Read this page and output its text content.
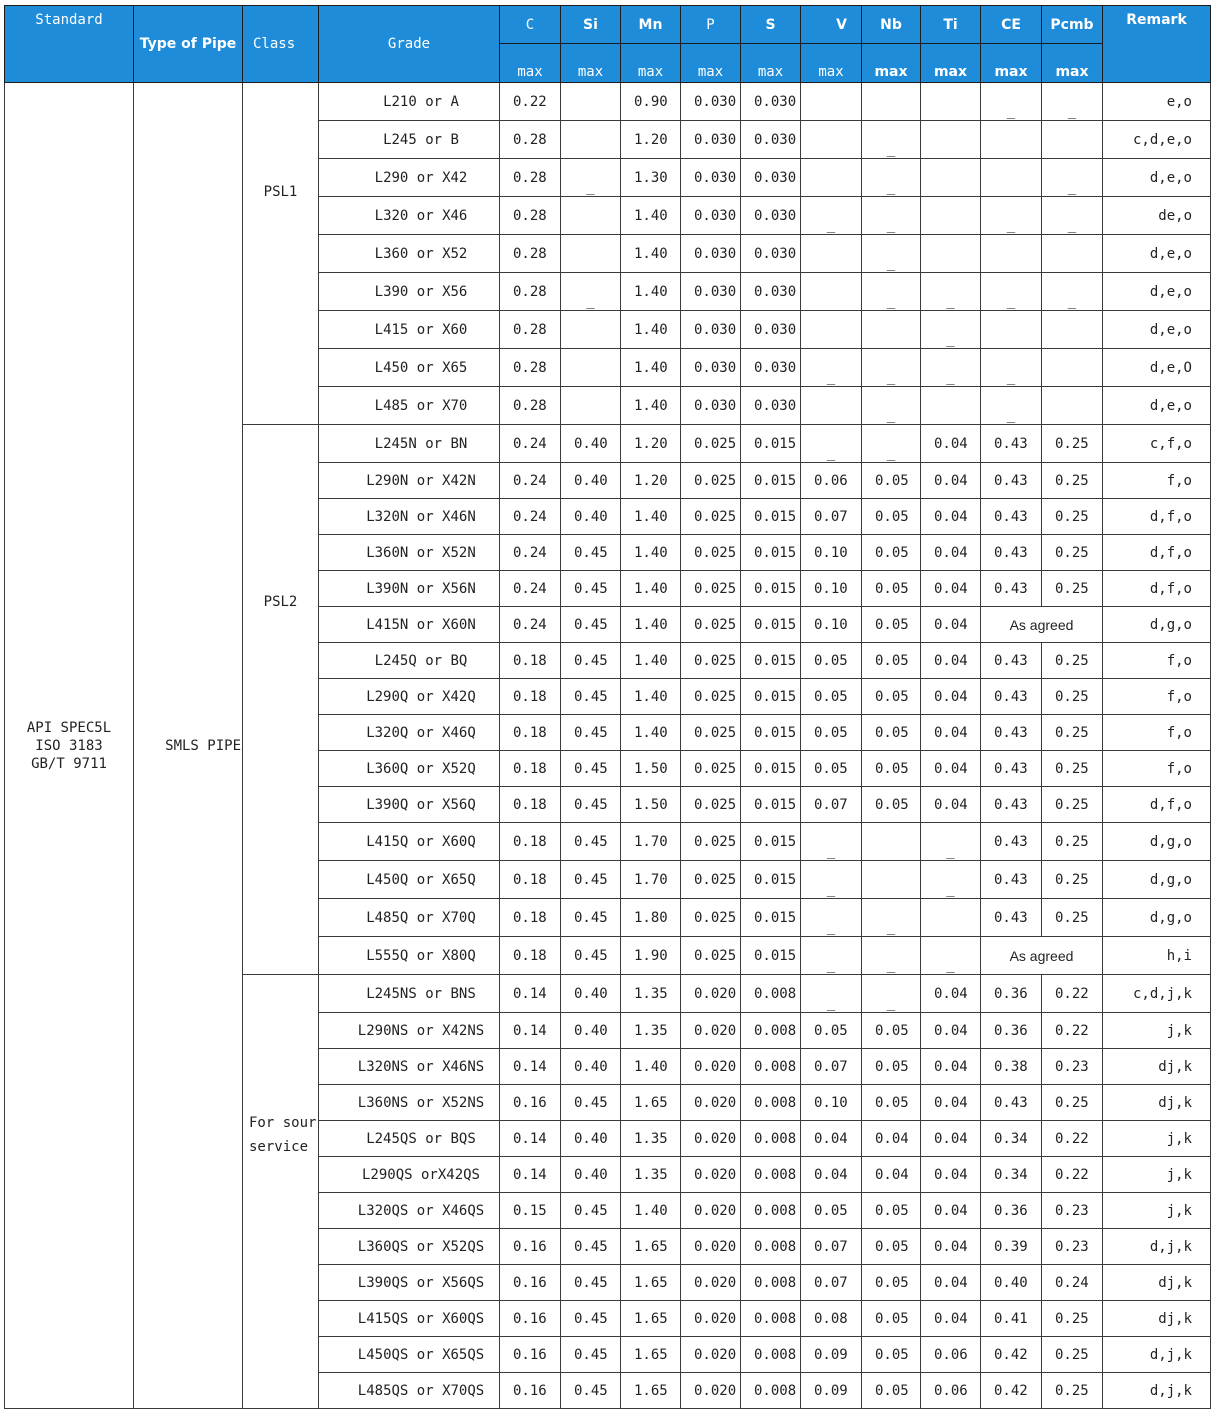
Standard	Type of Pipe	Class	Grade	C	Si	Mn	P	S	V	Nb	Ti	CE	Pcmb	Remark
				max	max	max	max	max	max	max	max	max	max	

API SPEC5L
ISO 3183
GB/T 9711	SMLS PIPE	PSL1	L210 or A	0.22		0.90	0.030	0.030				_	_	e,o
			L245 or B	0.28		1.20	0.030	0.030		_				c,d,e,o
			L290 or X42	0.28	_	1.30	0.030	0.030		_			_	d,e,o
			L320 or X46	0.28		1.40	0.030	0.030	_	_		_	_	de,o
			L360 or X52	0.28		1.40	0.030	0.030		_				d,e,o
			L390 or X56	0.28	_	1.40	0.030	0.030		_	_	_	_	d,e,o
			L415 or X60	0.28		1.40	0.030	0.030			_			d,e,o
			L450 or X65	0.28		1.40	0.030	0.030	_	_	_	_		d,e,O
			L485 or X70	0.28		1.40	0.030	0.030		_		_		d,e,o
		PSL2	L245N or BN	0.24	0.40	1.20	0.025	0.015	_	_	0.04	0.43	0.25	c,f,o
			L290N or X42N	0.24	0.40	1.20	0.025	0.015	0.06	0.05	0.04	0.43	0.25	f,o
			L320N or X46N	0.24	0.40	1.40	0.025	0.015	0.07	0.05	0.04	0.43	0.25	d,f,o
			L360N or X52N	0.24	0.45	1.40	0.025	0.015	0.10	0.05	0.04	0.43	0.25	d,f,o
			L390N or X56N	0.24	0.45	1.40	0.025	0.015	0.10	0.05	0.04	0.43	0.25	d,f,o
			L415N or X60N	0.24	0.45	1.40	0.025	0.015	0.10	0.05	0.04	As agreed		d,g,o
			L245Q or BQ	0.18	0.45	1.40	0.025	0.015	0.05	0.05	0.04	0.43	0.25	f,o
			L290Q or X42Q	0.18	0.45	1.40	0.025	0.015	0.05	0.05	0.04	0.43	0.25	f,o
			L320Q or X46Q	0.18	0.45	1.40	0.025	0.015	0.05	0.05	0.04	0.43	0.25	f,o
			L360Q or X52Q	0.18	0.45	1.50	0.025	0.015	0.05	0.05	0.04	0.43	0.25	f,o
			L390Q or X56Q	0.18	0.45	1.50	0.025	0.015	0.07	0.05	0.04	0.43	0.25	d,f,o
			L415Q or X60Q	0.18	0.45	1.70	0.025	0.015	_		_	0.43	0.25	d,g,o
			L450Q or X65Q	0.18	0.45	1.70	0.025	0.015	_		_	0.43	0.25	d,g,o
			L485Q or X70Q	0.18	0.45	1.80	0.025	0.015	_	_		0.43	0.25	d,g,o
			L555Q or X80Q	0.18	0.45	1.90	0.025	0.015	_	_	_	As agreed		h,i

		For sour
service	L245NS or BNS	0.14	0.40	1.35	0.020	0.008	_	_	0.04	0.36	0.22	c,d,j,k
			L290NS or X42NS	0.14	0.40	1.35	0.020	0.008	0.05	0.05	0.04	0.36	0.22	j,k
			L320NS or X46NS	0.14	0.40	1.40	0.020	0.008	0.07	0.05	0.04	0.38	0.23	dj,k
			L360NS or X52NS	0.16	0.45	1.65	0.020	0.008	0.10	0.05	0.04	0.43	0.25	dj,k
			L245QS or BQS	0.14	0.40	1.35	0.020	0.008	0.04	0.04	0.04	0.34	0.22	j,k
			L290QS orX42QS	0.14	0.40	1.35	0.020	0.008	0.04	0.04	0.04	0.34	0.22	j,k
			L320QS or X46QS	0.15	0.45	1.40	0.020	0.008	0.05	0.05	0.04	0.36	0.23	j,k
			L360QS or X52QS	0.16	0.45	1.65	0.020	0.008	0.07	0.05	0.04	0.39	0.23	d,j,k
			L390QS or X56QS	0.16	0.45	1.65	0.020	0.008	0.07	0.05	0.04	0.40	0.24	dj,k
			L415QS or X60QS	0.16	0.45	1.65	0.020	0.008	0.08	0.05	0.04	0.41	0.25	dj,k
			L450QS or X65QS	0.16	0.45	1.65	0.020	0.008	0.09	0.05	0.06	0.42	0.25	d,j,k
			L485QS or X70QS	0.16	0.45	1.65	0.020	0.008	0.09	0.05	0.06	0.42	0.25	d,j,k
